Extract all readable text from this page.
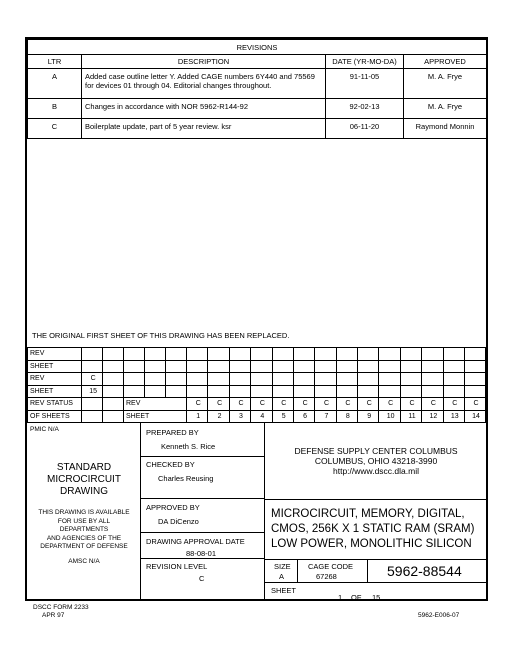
REVISIONS			
LTR	DESCRIPTION	DATE (YR-MO-DA)	APPROVED
A	Added case outline letter Y. Added CAGE numbers 6Y440 and 75569 for devices 01 through 04. Editorial changes throughout.	91-11-05	M. A. Frye
B	Changes in accordance with NOR 5962-R144-92	92-02-13	M. A. Frye
C	Boilerplate update, part of 5 year review. ksr	06-11-20	Raymond Monnin
THE ORIGINAL FIRST SHEET OF THIS DRAWING HAS BEEN REPLACED.
REV																			
SHEET																			
REV	C																		
SHEET	15																		
REV STATUS			REV			C	C	C	C	C	C	C	C	C	C	C	C	C	C
OF SHEETS			SHEET			1	2	3	4	5	6	7	8	9	10	11	12	13	14
PMIC N/A
STANDARD
MICROCIRCUIT
DRAWING
THIS DRAWING IS AVAILABLE
FOR USE BY ALL
DEPARTMENTS
AND AGENCIES OF THE
DEPARTMENT OF DEFENSE
AMSC N/A
PREPARED BY
Kenneth S. Rice
CHECKED BY
Charles Reusing
APPROVED BY
DA DiCenzo
DRAWING APPROVAL DATE
88-08-01
REVISION LEVEL
C
DEFENSE SUPPLY CENTER COLUMBUS
COLUMBUS, OHIO 43218-3990
http://www.dscc.dla.mil
MICROCIRCUIT, MEMORY, DIGITAL,
CMOS, 256K X 1 STATIC RAM (SRAM)
LOW POWER, MONOLITHIC SILICON
SIZE
A
CAGE CODE
67268	5962-88544
SHEET
1 OF 15
DSCC FORM 2233
APR 97	5962-E006-07
